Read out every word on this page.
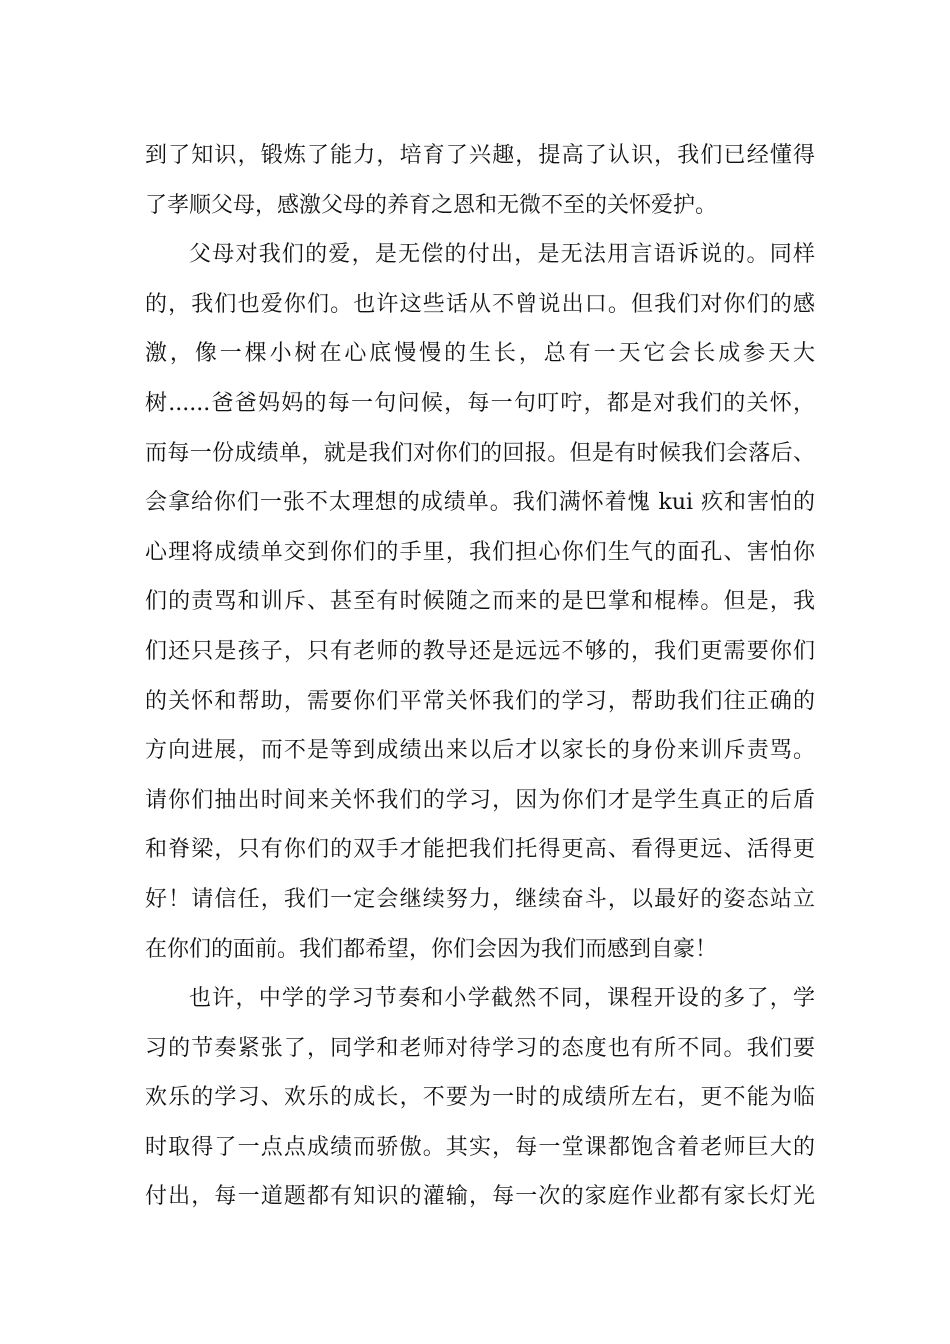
到了知识，锻炼了能力，培育了兴趣，提高了认识，我们已经懂得
了孝顺父母，感激父母的养育之恩和无微不至的关怀爱护。
父母对我们的爱，是无偿的付出，是无法用言语诉说的。同样
的，我们也爱你们。也许这些话从不曾说出口。但我们对你们的感
激，像一棵小树在心底慢慢的生长，总有一天它会长成参天大
树......爸爸妈妈的每一句问候，每一句叮咛，都是对我们的关怀，
而每一份成绩单，就是我们对你们的回报。但是有时候我们会落后、
会拿给你们一张不太理想的成绩单。我们满怀着愧 kui 疚和害怕的
心理将成绩单交到你们的手里，我们担心你们生气的面孔、害怕你
们的责骂和训斥、甚至有时候随之而来的是巴掌和棍棒。但是，我
们还只是孩子，只有老师的教导还是远远不够的，我们更需要你们
的关怀和帮助，需要你们平常关怀我们的学习，帮助我们往正确的
方向进展，而不是等到成绩出来以后才以家长的身份来训斥责骂。
请你们抽出时间来关怀我们的学习，因为你们才是学生真正的后盾
和脊梁，只有你们的双手才能把我们托得更高、看得更远、活得更
好！请信任，我们一定会继续努力，继续奋斗，以最好的姿态站立
在你们的面前。我们都希望，你们会因为我们而感到自豪！
也许，中学的学习节奏和小学截然不同，课程开设的多了，学
习的节奏紧张了，同学和老师对待学习的态度也有所不同。我们要
欢乐的学习、欢乐的成长，不要为一时的成绩所左右，更不能为临
时取得了一点点成绩而骄傲。其实，每一堂课都饱含着老师巨大的
付出，每一道题都有知识的灌输，每一次的家庭作业都有家长灯光
